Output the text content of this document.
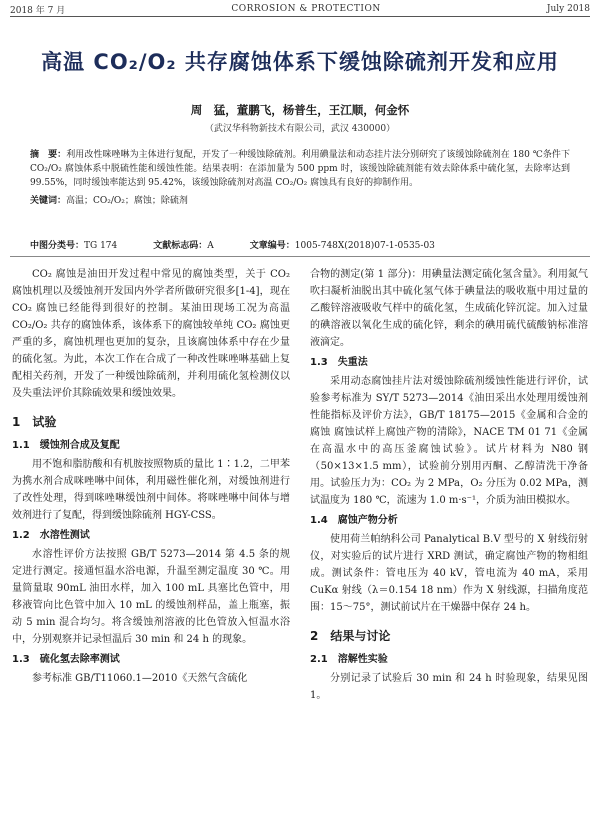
2018 年 7 月	CORROSION & PROTECTION	July 2018
高温 CO₂/O₂ 共存腐蚀体系下缓蚀除硫剂开发和应用
周　猛，董鹏飞，杨普生，王江顺，何金怀
（武汉华科物新技术有限公司，武汉 430000）
摘　要：利用改性咪唑啉为主体进行复配，开发了一种缓蚀除硫剂。利用碘量法和动态挂片法分别研究了该缓蚀除硫剂在 180 ℃条件下 CO₂/O₂ 腐蚀体系中脱硫性能和缓蚀性能。结果表明：在添加量为 500 ppm 时，该缓蚀除硫剂能有效去除体系中硫化氢，去除率达到 99.55%，同时缓蚀率能达到 95.42%，该缓蚀除硫剂对高温 CO₂/O₂ 腐蚀具有良好的抑制作用。
关键词：高温；CO₂/O₂；腐蚀；除硫剂
中图分类号：TG 174	文献标志码：A	文章编号：1005-748X(2018)07-1-0535-03

CO₂ 腐蚀是油田开发过程中常见的腐蚀类型，关于 CO₂ 腐蚀机理以及缓蚀剂开发国内外学者所做研究很多[1-4]，现在 CO₂ 腐蚀已经能得到很好的控制。某油田现场工况为高温 CO₂/O₂ 共存的腐蚀体系，该体系下的腐蚀较单纯 CO₂ 腐蚀更严重的多，腐蚀机理也更加的复杂，且该腐蚀体系中存在少量的硫化氢。为此，本次工作在合成了一种改性咪唑啉基础上复配相关药剂，开发了一种缓蚀除硫剂，并利用硫化氢检测仪以及失重法评价其除硫效果和缓蚀效果。

1　试验
1.1　缓蚀剂合成及复配

用不饱和脂肪酸和有机胺按照物质的量比 1∶1.2，二甲苯为携水剂合成咪唑啉中间体，利用磁性催化剂，对缓蚀剂进行了改性处理，得到咪唑啉缓蚀剂中间体。将咪唑啉中间体与增效剂进行了复配，得到缓蚀除硫剂 HGY-CSS。

1.2　水溶性测试

水溶性评价方法按照 GB/T 5273—2014 第 4.5 条的规定进行测定。接通恒温水浴电源，升温至测定温度 30 ℃。用量筒量取 90mL 油田水样，加入 100 mL 具塞比色管中，用移液管向比色管中加入 10 mL 的缓蚀剂样品，盖上瓶塞，振动 5 min 混合均匀。将含缓蚀剂溶液的比色管放入恒温水浴中，分别观察并记录恒温后 30 min 和 24 h 的现象。

1.3　硫化氢去除率测试

参考标准 GB/T11060.1—2010《天然气含硫化

合物的测定(第 1 部分)：用碘量法测定硫化氢含量》。利用氮气吹扫凝析油脱出其中硫化氢气体于碘量法的吸收瓶中用过量的乙酸锌溶液吸收气样中的硫化氢，生成硫化锌沉淀。加入过量的碘溶液以氧化生成的硫化锌，剩余的碘用硫代硫酸钠标准溶液滴定。

1.3　失重法

采用动态腐蚀挂片法对缓蚀除硫剂缓蚀性能进行评价，试验参考标准为 SY/T 5273—2014《油田采出水处理用缓蚀剂性能指标及评价方法》，GB/T 18175—2015《金属和合金的腐蚀 腐蚀试样上腐蚀产物的清除》，NACE TM 01 71《金属在高温水中的高压釜腐蚀试验》。试片材料为 N80 钢（50×13×1.5 mm），试验前分别用丙酮、乙醇清洗干净备用。试验压力为：CO₂ 为 2 MPa，O₂ 分压为 0.02 MPa，测试温度为 180 ℃，流速为 1.0 m·s⁻¹，介质为油田模拟水。

1.4　腐蚀产物分析

使用荷兰帕纳科公司 Panalytical B.V 型号的 X 射线衍射仪，对实验后的试片进行 XRD 测试，确定腐蚀产物的物相组成。测试条件：管电压为 40 kV，管电流为 40 mA，采用 CuKα 射线（λ＝0.154 18 nm）作为 X 射线源，扫描角度范围：15～75°，测试前试片在干燥器中保存 24 h。

2　结果与讨论
2.1　溶解性实验

分别记录了试验后 30 min 和 24 h 时验现象，结果见图 1。
